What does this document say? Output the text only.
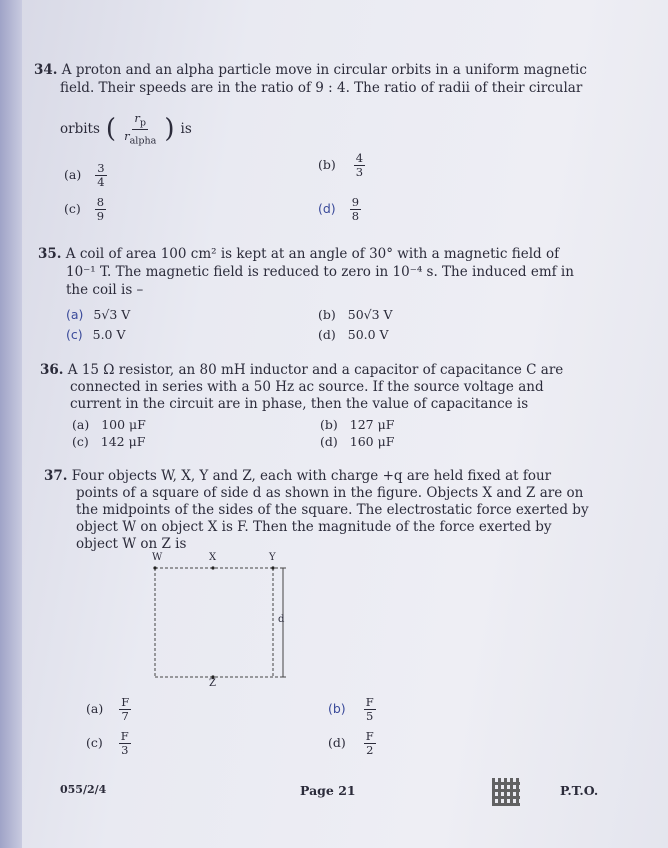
34. A proton and an alpha particle move in circular orbits in a uniform magnetic
field. Their speeds are in the ratio of 9 : 4. The ratio of radii of their circular
orbits ( $\frac{r_p}{r_{alpha}}$ ) is
$(a) \frac{3}{4}$	$(b) \frac{4}{3}$
$(c) \frac{8}{9}$	$(d) \frac{9}{8}$
35. A coil of area 100 cm² is kept at an angle of 30° with a magnetic field of
10⁻¹ T. The magnetic field is reduced to zero in 10⁻⁴ s. The induced emf in
the coil is –
(a) 5√3 V	(b) 50√3 V
(c) 5.0 V	(d) 50.0 V
36. A 15 Ω resistor, an 80 mH inductor and a capacitor of capacitance C are
connected in series with a 50 Hz ac source. If the source voltage and
current in the circuit are in phase, then the value of capacitance is
(a) 100 μF	(b) 127 μF
(c) 142 μF	(d) 160 μF
37. Four objects W, X, Y and Z, each with charge +q are held fixed at four
points of a square of side d as shown in the figure. Objects X and Z are on
the midpoints of the sides of the square. The electrostatic force exerted by
object W on object X is F. Then the magnitude of the force exerted by
object W on Z is
W	X	Y
Z
d
$(a) \frac{F}{7}$	$(b) \frac{F}{5}$
$(c) \frac{F}{3}$	$(d) \frac{F}{2}$
055/2/4	Page 21	P.T.O.
